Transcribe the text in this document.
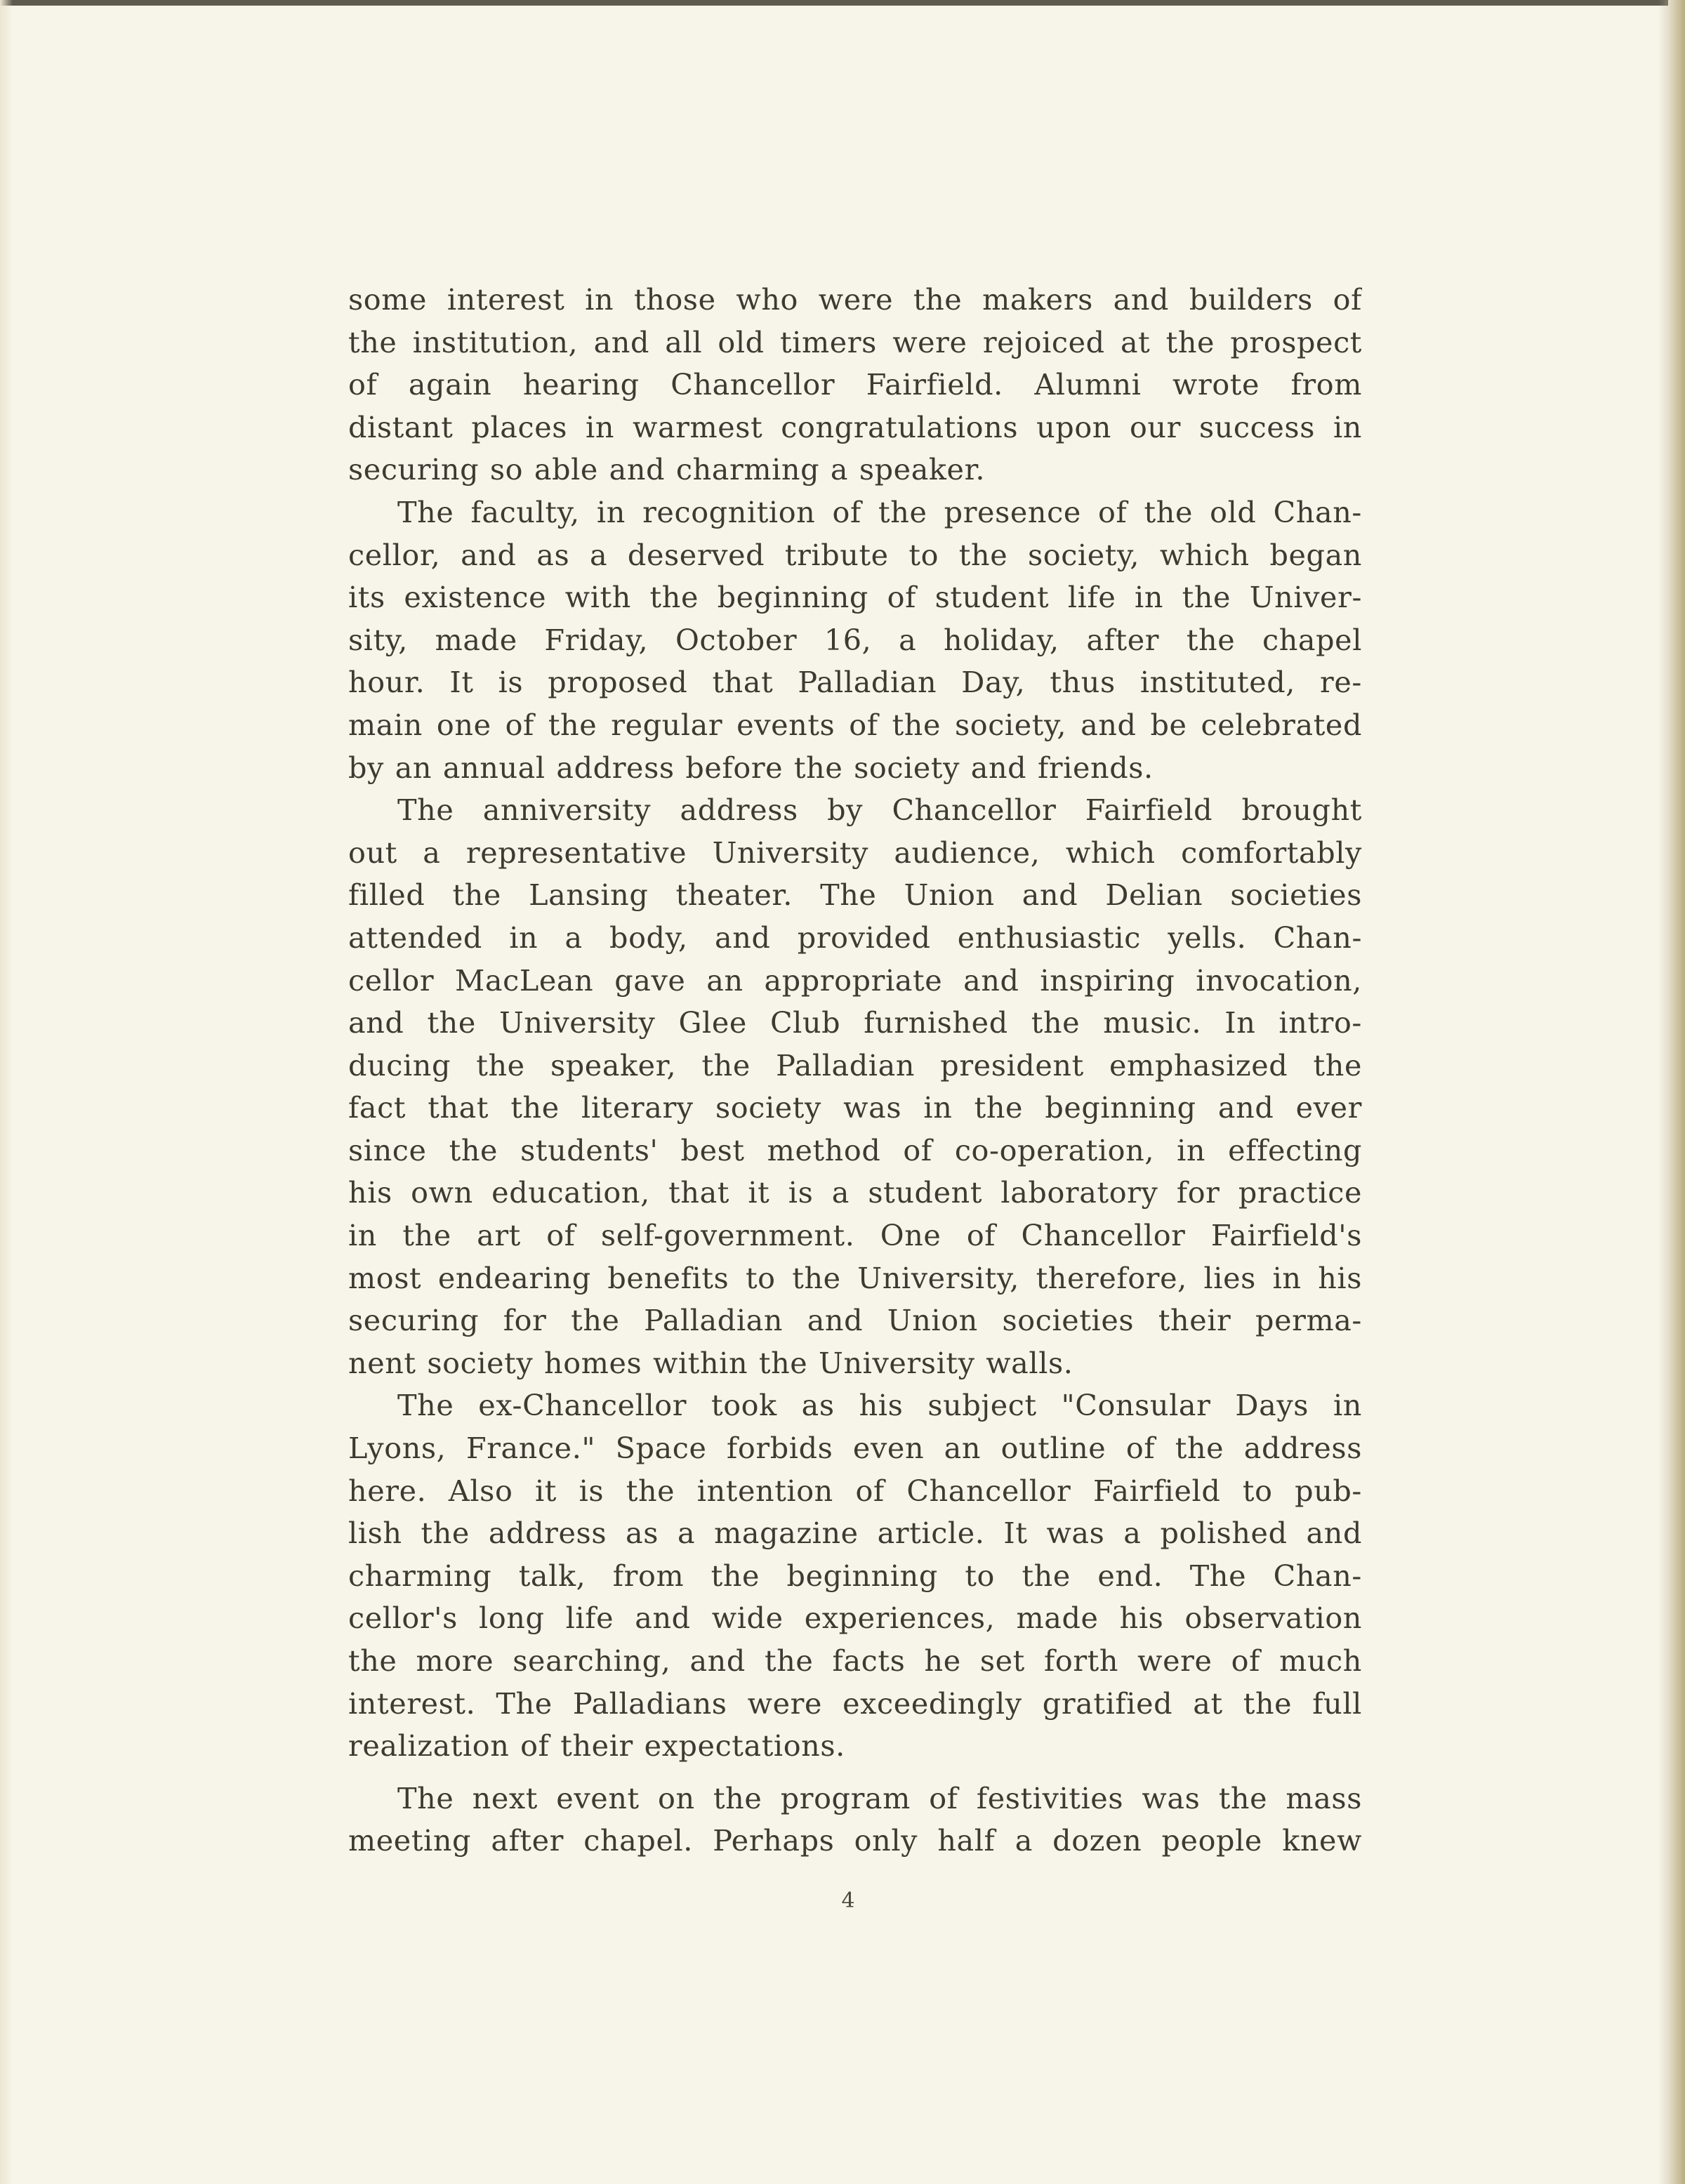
some interest in those who were the makers and builders of
the institution, and all old timers were rejoiced at the prospect
of again hearing Chancellor Fairfield. Alumni wrote from
distant places in warmest congratulations upon our success in
securing so able and charming a speaker.
The faculty, in recognition of the presence of the old Chan-
cellor, and as a deserved tribute to the society, which began
its existence with the beginning of student life in the Univer-
sity, made Friday, October 16, a holiday, after the chapel
hour. It is proposed that Palladian Day, thus instituted, re-
main one of the regular events of the society, and be celebrated
by an annual address before the society and friends.
The anniversity address by Chancellor Fairfield brought
out a representative University audience, which comfortably
filled the Lansing theater. The Union and Delian societies
attended in a body, and provided enthusiastic yells. Chan-
cellor MacLean gave an appropriate and inspiring invocation,
and the University Glee Club furnished the music. In intro-
ducing the speaker, the Palladian president emphasized the
fact that the literary society was in the beginning and ever
since the students' best method of co-operation, in effecting
his own education, that it is a student laboratory for practice
in the art of self-government. One of Chancellor Fairfield's
most endearing benefits to the University, therefore, lies in his
securing for the Palladian and Union societies their perma-
nent society homes within the University walls.
The ex-Chancellor took as his subject "Consular Days in
Lyons, France." Space forbids even an outline of the address
here. Also it is the intention of Chancellor Fairfield to pub-
lish the address as a magazine article. It was a polished and
charming talk, from the beginning to the end. The Chan-
cellor's long life and wide experiences, made his observation
the more searching, and the facts he set forth were of much
interest. The Palladians were exceedingly gratified at the full
realization of their expectations.
The next event on the program of festivities was the mass
meeting after chapel. Perhaps only half a dozen people knew
4
